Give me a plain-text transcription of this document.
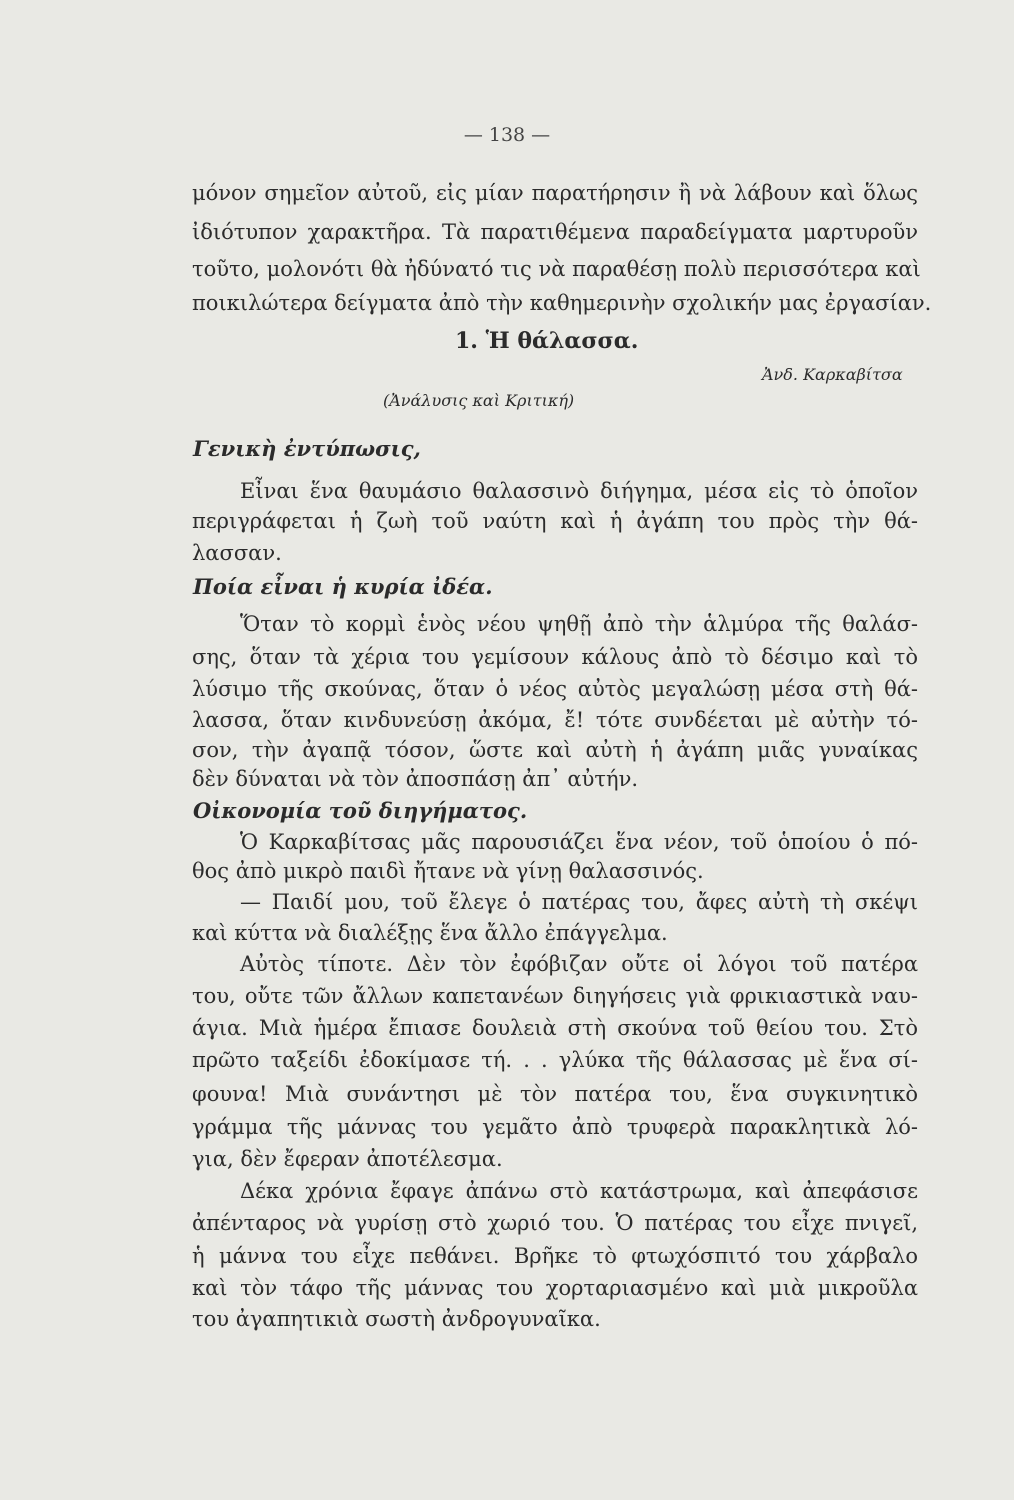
— 138 —
μόνον σημεῖον αὐτοῦ, εἰς μίαν παρατήρησιν ἢ νὰ λάβουν καὶ ὅλως
ἰδιότυπον χαρακτῆρα. Τὰ παρατιθέμενα παραδείγματα μαρτυροῦν
τοῦτο, μολονότι θὰ ἠδύνατό τις νὰ παραθέσῃ πολὺ περισσότερα καὶ
ποικιλώτερα δείγματα ἀπὸ τὴν καθημερινὴν σχολικήν μας ἐργασίαν.
1. Ἡ θάλασσα.
Ἀνδ. Καρκαβίτσα
(Ἀνάλυσις καὶ Κριτική)
Γενικὴ ἐντύπωσις,
Εἶναι ἕνα θαυμάσιο θαλασσινὸ διήγημα, μέσα εἰς τὸ ὁποῖον
περιγράφεται ἡ ζωὴ τοῦ ναύτη καὶ ἡ ἀγάπη του πρὸς τὴν θά-
λασσαν.
Ποία εἶναι ἡ κυρία ἰδέα.
Ὅταν τὸ κορμὶ ἑνὸς νέου ψηθῇ ἀπὸ τὴν ἁλμύρα τῆς θαλάσ-
σης, ὅταν τὰ χέρια του γεμίσουν κάλους ἀπὸ τὸ δέσιμο καὶ τὸ
λύσιμο τῆς σκούνας, ὅταν ὁ νέος αὐτὸς μεγαλώσῃ μέσα στὴ θά-
λασσα, ὅταν κινδυνεύσῃ ἀκόμα, ἔ! τότε συνδέεται μὲ αὐτὴν τό-
σον, τὴν ἀγαπᾷ τόσον, ὥστε καὶ αὐτὴ ἡ ἀγάπη μιᾶς γυναίκας
δὲν δύναται νὰ τὸν ἀποσπάσῃ ἀπ᾽ αὐτήν.
Οἰκονομία τοῦ διηγήματος.
Ὁ Καρκαβίτσας μᾶς παρουσιάζει ἕνα νέον, τοῦ ὁποίου ὁ πό-
θος ἀπὸ μικρὸ παιδὶ ἤτανε νὰ γίνῃ θαλασσινός.
— Παιδί μου, τοῦ ἔλεγε ὁ πατέρας του, ἄφες αὐτὴ τὴ σκέψι
καὶ κύττα νὰ διαλέξῃς ἕνα ἄλλο ἐπάγγελμα.
Αὐτὸς τίποτε. Δὲν τὸν ἐφόβιζαν οὔτε οἱ λόγοι τοῦ πατέρα
του, οὔτε τῶν ἄλλων καπετανέων διηγήσεις γιὰ φρικιαστικὰ ναυ-
άγια. Μιὰ ἡμέρα ἔπιασε δουλειὰ στὴ σκούνα τοῦ θείου του. Στὸ
πρῶτο ταξείδι ἐδοκίμασε τή. . . γλύκα τῆς θάλασσας μὲ ἕνα σί-
φουνα! Μιὰ συνάντησι μὲ τὸν πατέρα του, ἕνα συγκινητικὸ
γράμμα τῆς μάννας του γεμᾶτο ἀπὸ τρυφερὰ παρακλητικὰ λό-
για, δὲν ἔφεραν ἀποτέλεσμα.
Δέκα χρόνια ἔφαγε ἀπάνω στὸ κατάστρωμα, καὶ ἀπεφάσισε
ἀπένταρος νὰ γυρίσῃ στὸ χωριό του. Ὁ πατέρας του εἶχε πνιγεῖ,
ἡ μάννα του εἶχε πεθάνει. Βρῆκε τὸ φτωχόσπιτό του χάρβαλο
καὶ τὸν τάφο τῆς μάννας του χορταριασμένο καὶ μιὰ μικροῦλα
του ἀγαπητικιὰ σωστὴ ἀνδρογυναῖκα.
